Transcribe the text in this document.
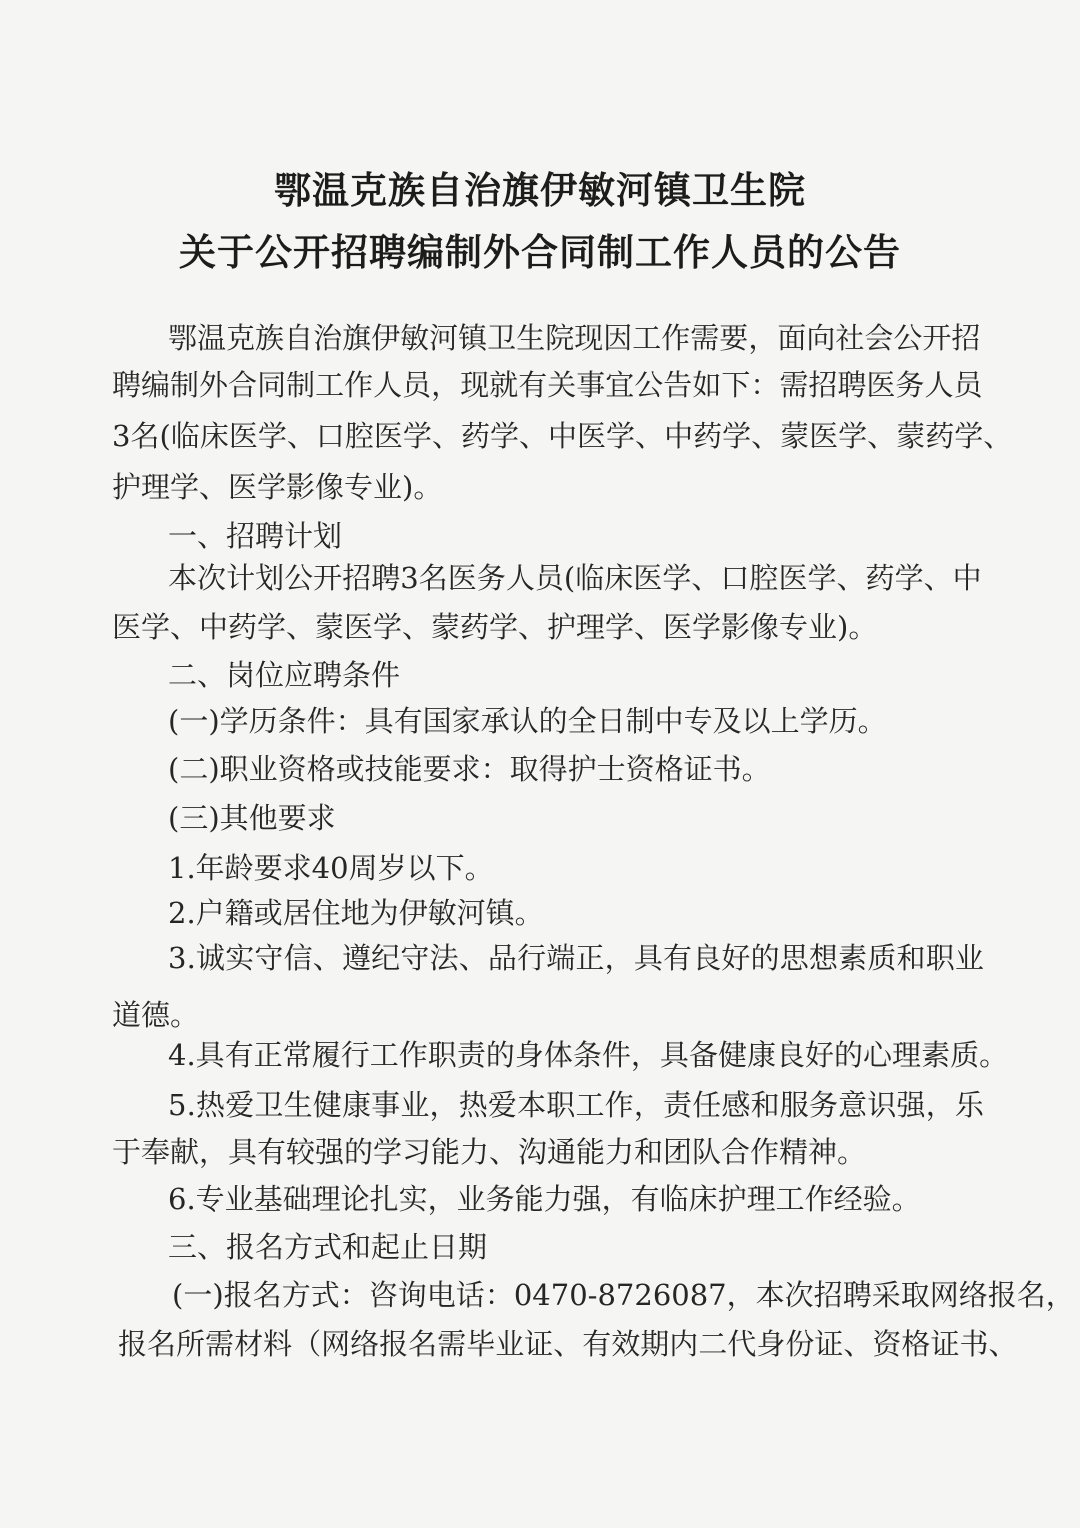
鄂温克族自治旗伊敏河镇卫生院
关于公开招聘编制外合同制工作人员的公告
鄂 温 克 族 自 治 旗 伊 敏 河 镇 卫 生 院 现 因 工 作 需 要 ， 面 向 社 会 公 开 招
聘 编 制 外 合 同 制 工 作 人 员 ， 现 就 有 关 事 宜 公 告 如 下 ： 需 招 聘 医 务 人 员
3 名 ( 临 床 医 学 、 口 腔 医 学 、 药 学 、 中 医 学 、 中 药 学 、 蒙 医 学 、 蒙 药 学 、
护理学、医学影像专业)。
一、招聘计划
本 次 计 划 公 开 招 聘 3 名 医 务 人 员 ( 临 床 医 学 、 口 腔 医 学 、 药 学 、 中
医学、中药学、蒙医学、蒙药学、护理学、医学影像专业)。
二、岗位应聘条件
(一)学历条件：具有国家承认的全日制中专及以上学历。
(二)职业资格或技能要求：取得护士资格证书。
(三)其他要求
1.年龄要求40周岁以下。
2.户籍或居住地为伊敏河镇。
3 . 诚 实 守 信 、 遵 纪 守 法 、 品 行 端 正 ， 具 有 良 好 的 思 想 素 质 和 职 业
道德。
4 . 具 有 正 常 履 行 工 作 职 责 的 身 体 条 件 ， 具 备 健 康 良 好 的 心 理 素 质 。
5 . 热 爱 卫 生 健 康 事 业 ， 热 爱 本 职 工 作 ， 责 任 感 和 服 务 意 识 强 ， 乐
于奉献，具有较强的学习能力、沟通能力和团队合作精神。
6.专业基础理论扎实，业务能力强，有临床护理工作经验。
三、报名方式和起止日期
( 一 ) 报 名 方 式 ： 咨 询 电 话 ： 0 4 7 0 - 8 7 2 6 0 8 7 ， 本 次 招 聘 采 取 网 络 报 名 ，
报 名 所 需 材 料 （ 网 络 报 名 需 毕 业 证 、 有 效 期 内 二 代 身 份 证 、 资 格 证 书 、
